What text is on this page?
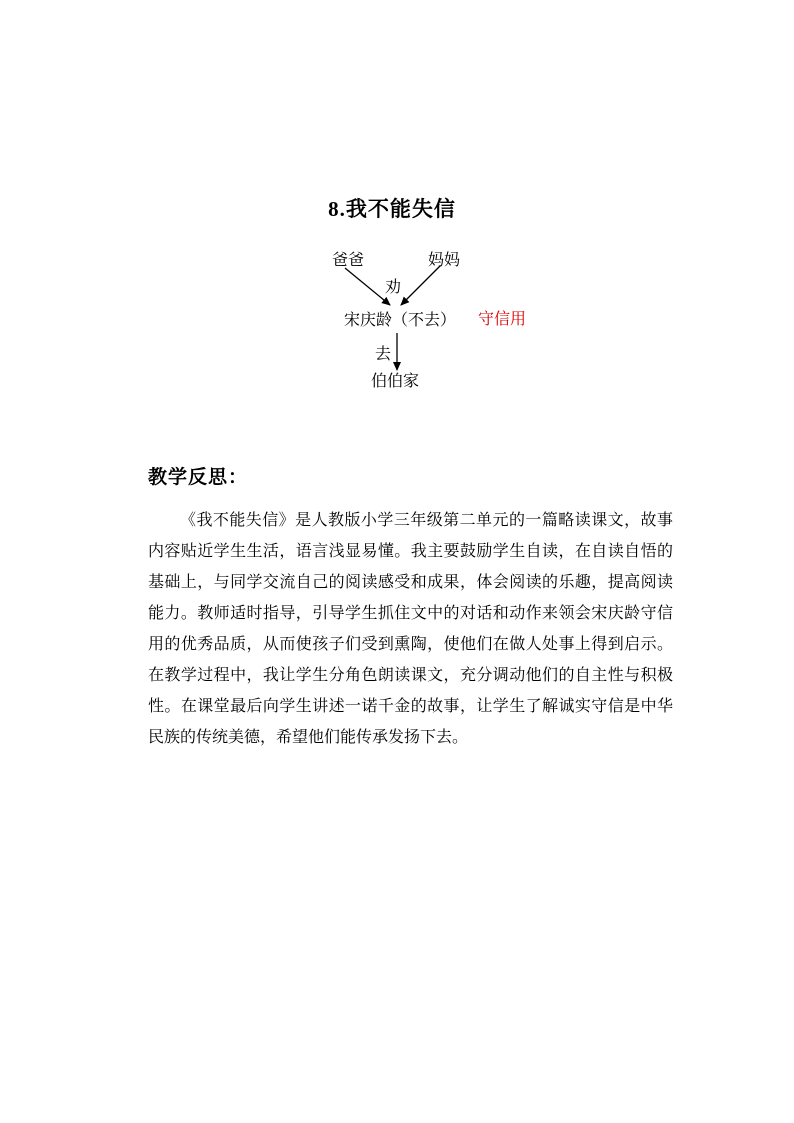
8.我不能失信
爸爸	妈妈
劝
宋庆龄（不去） 守信用
去
伯伯家
教学反思：

《我不能失信》是人教版小学三年级第二单元的一篇略读课文，故事内容贴近学生生活，语言浅显易懂。我主要鼓励学生自读，在自读自悟的基础上，与同学交流自己的阅读感受和成果，体会阅读的乐趣，提高阅读能力。教师适时指导，引导学生抓住文中的对话和动作来领会宋庆龄守信用的优秀品质，从而使孩子们受到熏陶，使他们在做人处事上得到启示。在教学过程中，我让学生分角色朗读课文，充分调动他们的自主性与积极性。在课堂最后向学生讲述一诺千金的故事，让学生了解诚实守信是中华民族的传统美德，希望他们能传承发扬下去。
